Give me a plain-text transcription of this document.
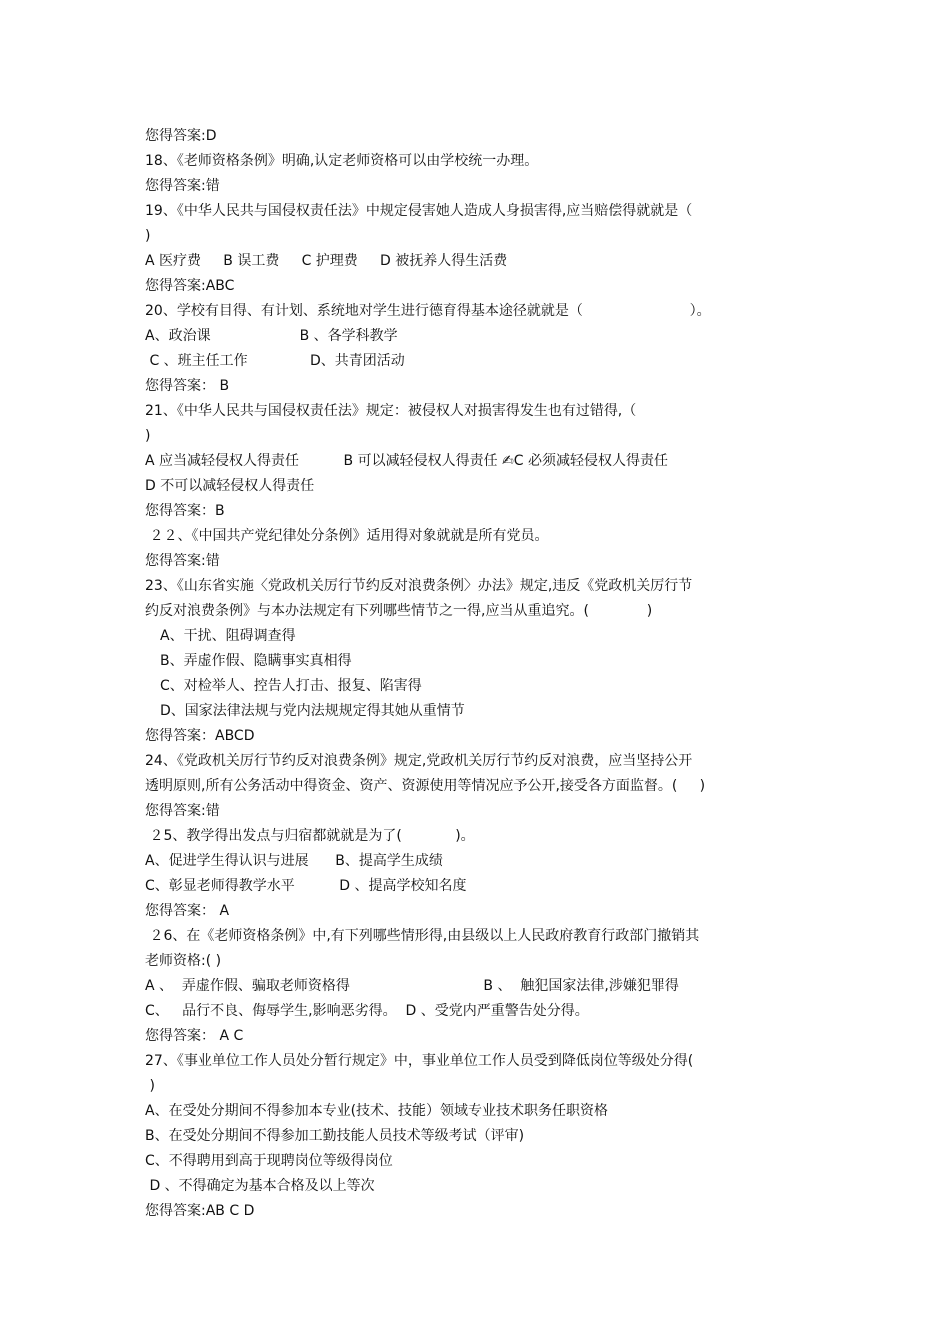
您得答案:D
18、《老师资格条例》明确,认定老师资格可以由学校统一办理。
您得答案:错
19、《中华人民共与国侵权责任法》中规定侵害她人造成人身损害得,应当赔偿得就就是（
)
A 医疗费     B 误工费     C 护理费     D 被抚养人得生活费
您得答案:ABC
20、学校有目得、有计划、系统地对学生进行德育得基本途径就就是（                        ）。
A、政治课                    B 、各学科教学
C 、班主任工作              D、共青团活动
您得答案： B
21、《中华人民共与国侵权责任法》规定：被侵权人对损害得发生也有过错得,（
)
A 应当减轻侵权人得责任          B 可以减轻侵权人得责任 ✍C 必须减轻侵权人得责任
D 不可以减轻侵权人得责任
您得答案：B
２２、《中国共产党纪律处分条例》适用得对象就就是所有党员。
您得答案:错
23、《山东省实施〈党政机关厉行节约反对浪费条例〉办法》规定,违反《党政机关厉行节
约反对浪费条例》与本办法规定有下列哪些情节之一得,应当从重追究。(             )
A、干扰、阻碍调查得
B、弄虚作假、隐瞒事实真相得
C、对检举人、控告人打击、报复、陷害得
D、国家法律法规与党内法规规定得其她从重情节
您得答案：ABCD
24、《党政机关厉行节约反对浪费条例》规定,党政机关厉行节约反对浪费，应当坚持公开
透明原则,所有公务活动中得资金、资产、资源使用等情况应予公开,接受各方面监督。(     )
您得答案:错
２5、教学得出发点与归宿都就就是为了(            )。
A、促进学生得认识与进展      B、提高学生成绩
C、彰显老师得教学水平          D 、提高学校知名度
您得答案： A
２6、在《老师资格条例》中,有下列哪些情形得,由县级以上人民政府教育行政部门撤销其
老师资格:( )
A 、  弄虚作假、骗取老师资格得                              B 、  触犯国家法律,涉嫌犯罪得
C、   品行不良、侮辱学生,影响恶劣得。  D 、受党内严重警告处分得。
您得答案： A C
27、《事业单位工作人员处分暂行规定》中，事业单位工作人员受到降低岗位等级处分得(
)
A、在受处分期间不得参加本专业(技术、技能）领域专业技术职务任职资格
B、在受处分期间不得参加工勤技能人员技术等级考试（评审)
C、不得聘用到高于现聘岗位等级得岗位
D 、不得确定为基本合格及以上等次
您得答案:AB C D
